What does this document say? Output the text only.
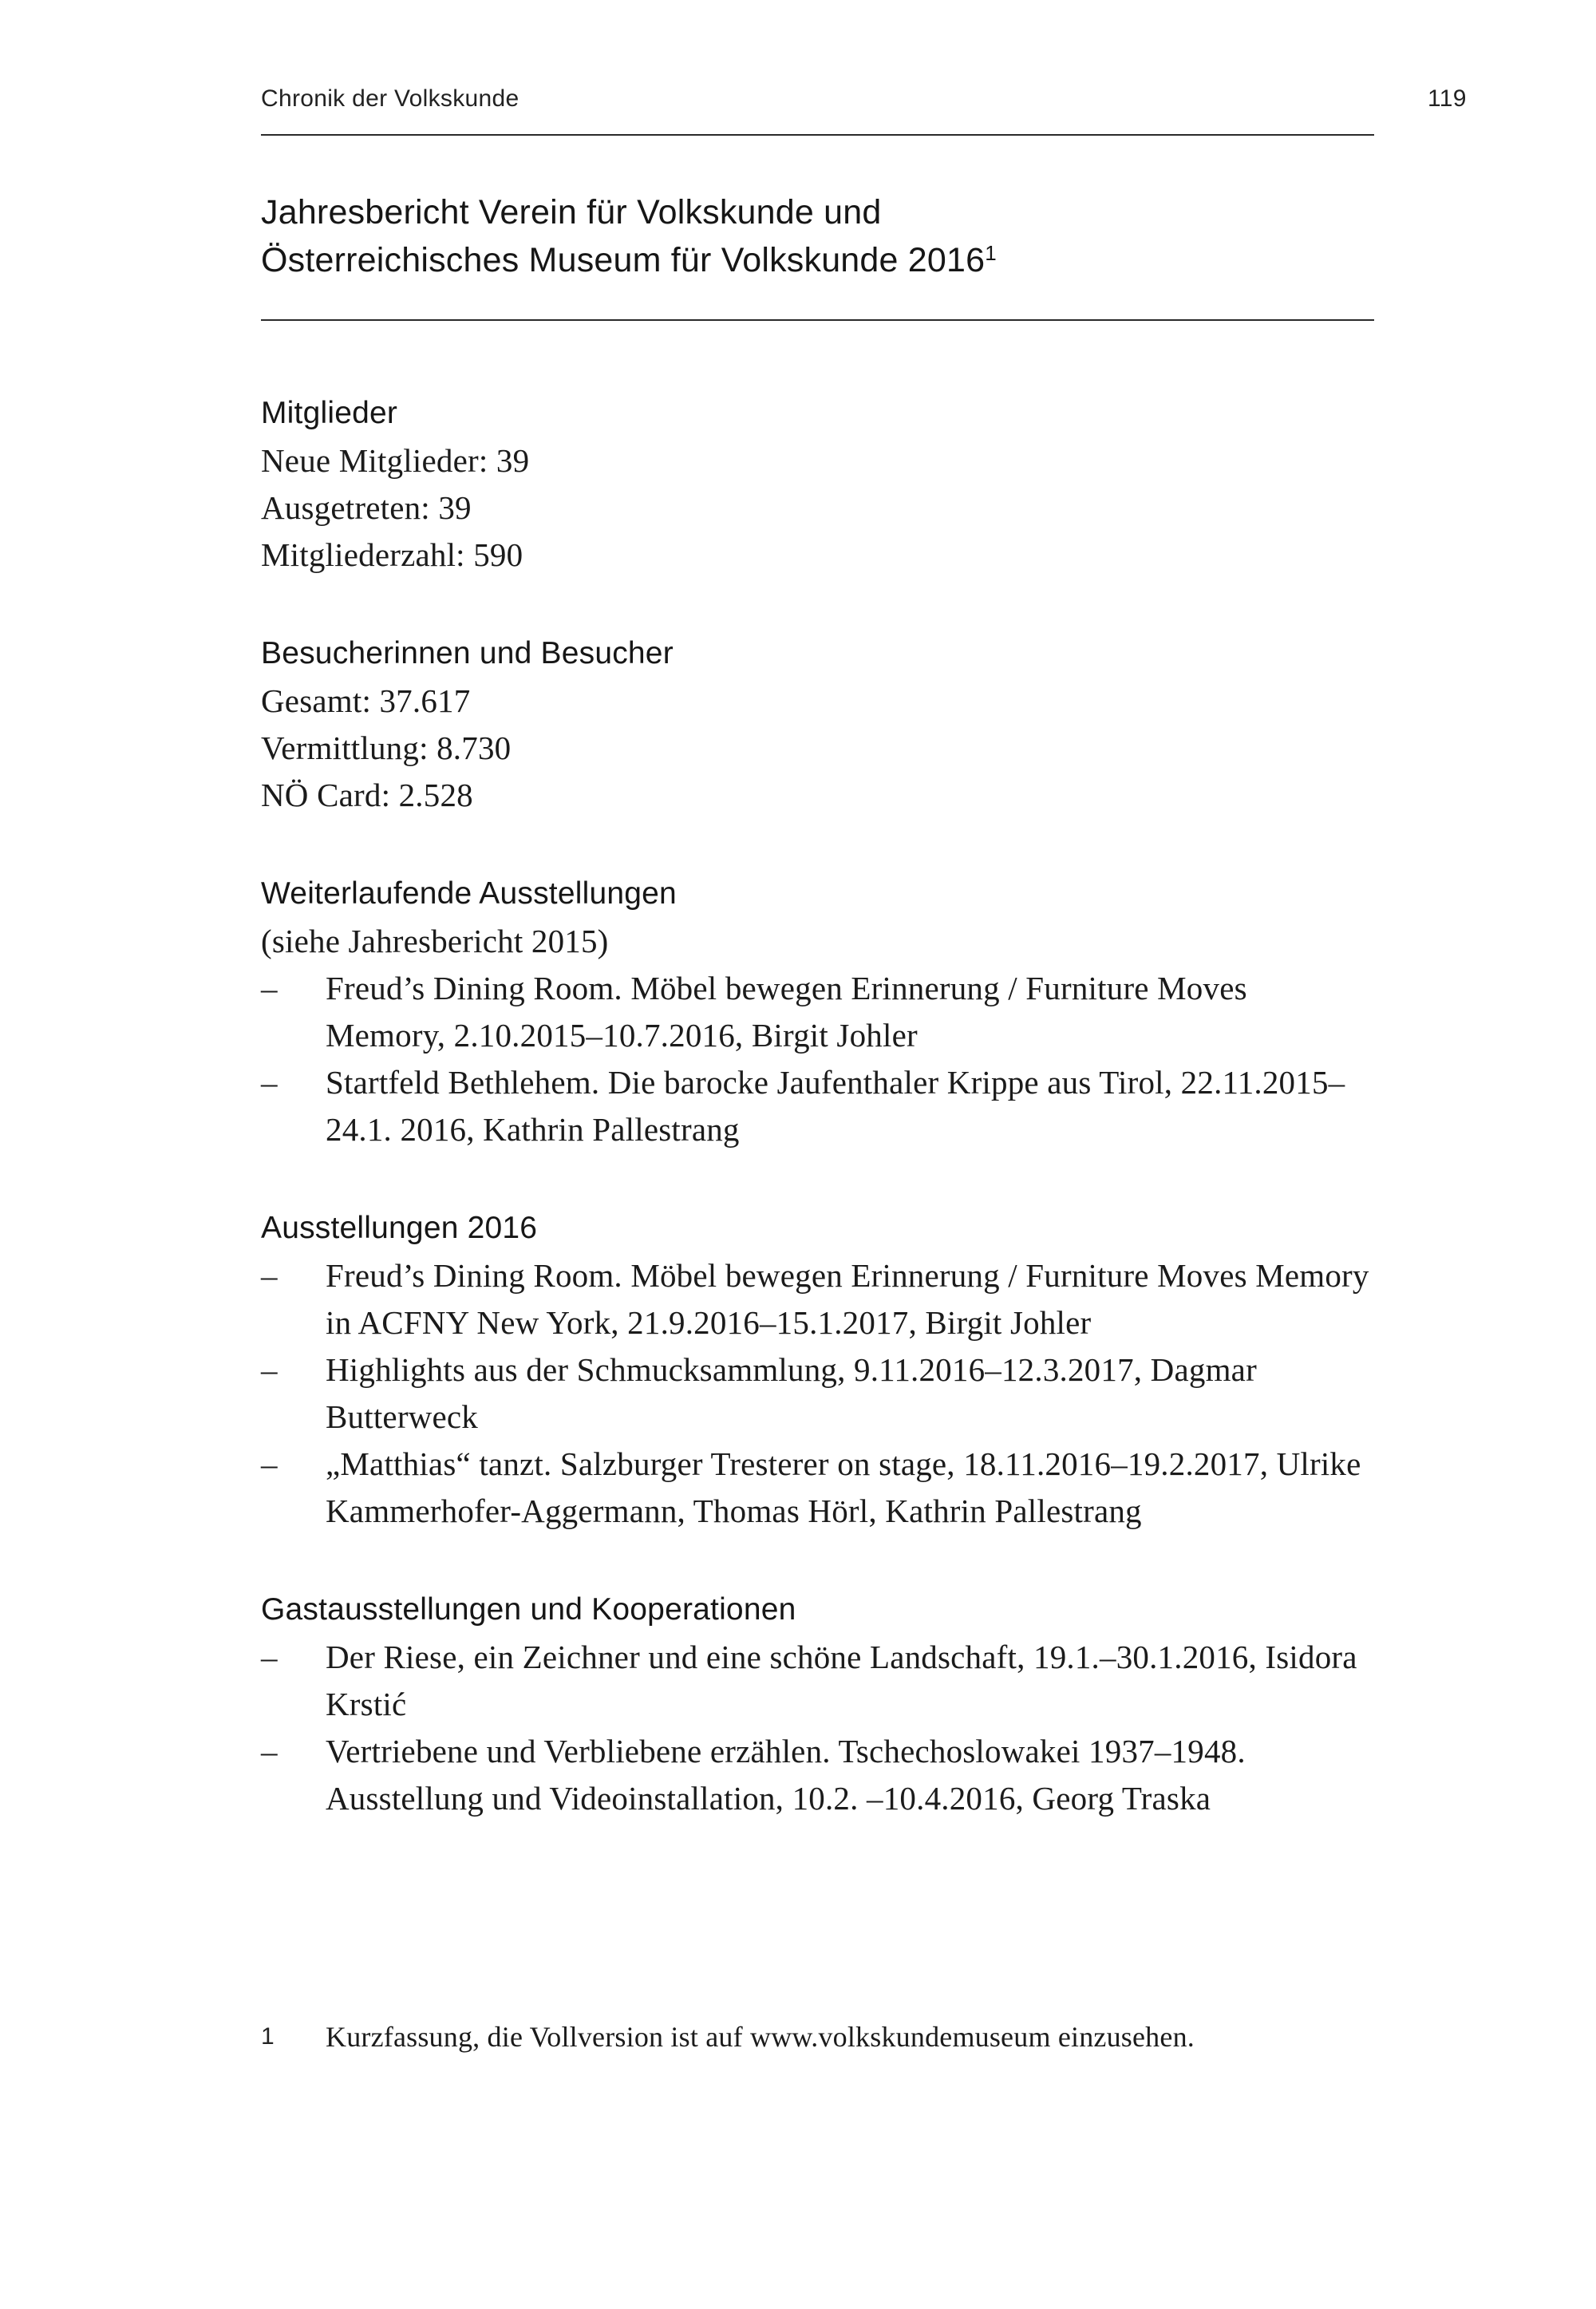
Chronik der Volkskunde	119
Jahresbericht Verein für Volkskunde und
Österreichisches Museum für Volkskunde 2016$^1$
Mitglieder

Neue Mitglieder: 39

Ausgetreten: 39

Mitgliederzahl: 590

Besucherinnen und Besucher

Gesamt: 37.617

Vermittlung: 8.730

NÖ Card: 2.528

Weiterlaufende Ausstellungen

(siehe Jahresbericht 2015)

–	Freud’s Dining Room. Möbel bewegen Erinnerung / Furniture Moves Memory, 2.10.2015–10.7.2016, Birgit Johler
–	Startfeld Bethlehem. Die barocke Jaufenthaler Krippe aus Tirol, 22.11.2015–24.1. 2016, Kathrin Pallestrang
Ausstellungen 2016
–	Freud’s Dining Room. Möbel bewegen Erinnerung / Furniture Moves Memory in ACFNY New York, 21.9.2016–15.1.2017, Birgit Johler
–	Highlights aus der Schmucksammlung, 9.11.2016–12.3.2017, Dagmar Butterweck
–	„Matthias“ tanzt. Salzburger Tresterer on stage, 18.11.2016–19.2.2017, Ulrike Kammerhofer-Aggermann, Thomas Hörl, Kathrin Pallestrang
Gastausstellungen und Kooperationen
–	Der Riese, ein Zeichner und eine schöne Landschaft, 19.1.–30.1.2016, Isidora Krstić
–	Vertriebene und Verbliebene erzählen. Tschechoslowakei 1937–1948. Ausstellung und Videoinstallation, 10.2. –10.4.2016, Georg Traska
1	Kurzfassung, die Vollversion ist auf www.volkskundemuseum einzusehen.
